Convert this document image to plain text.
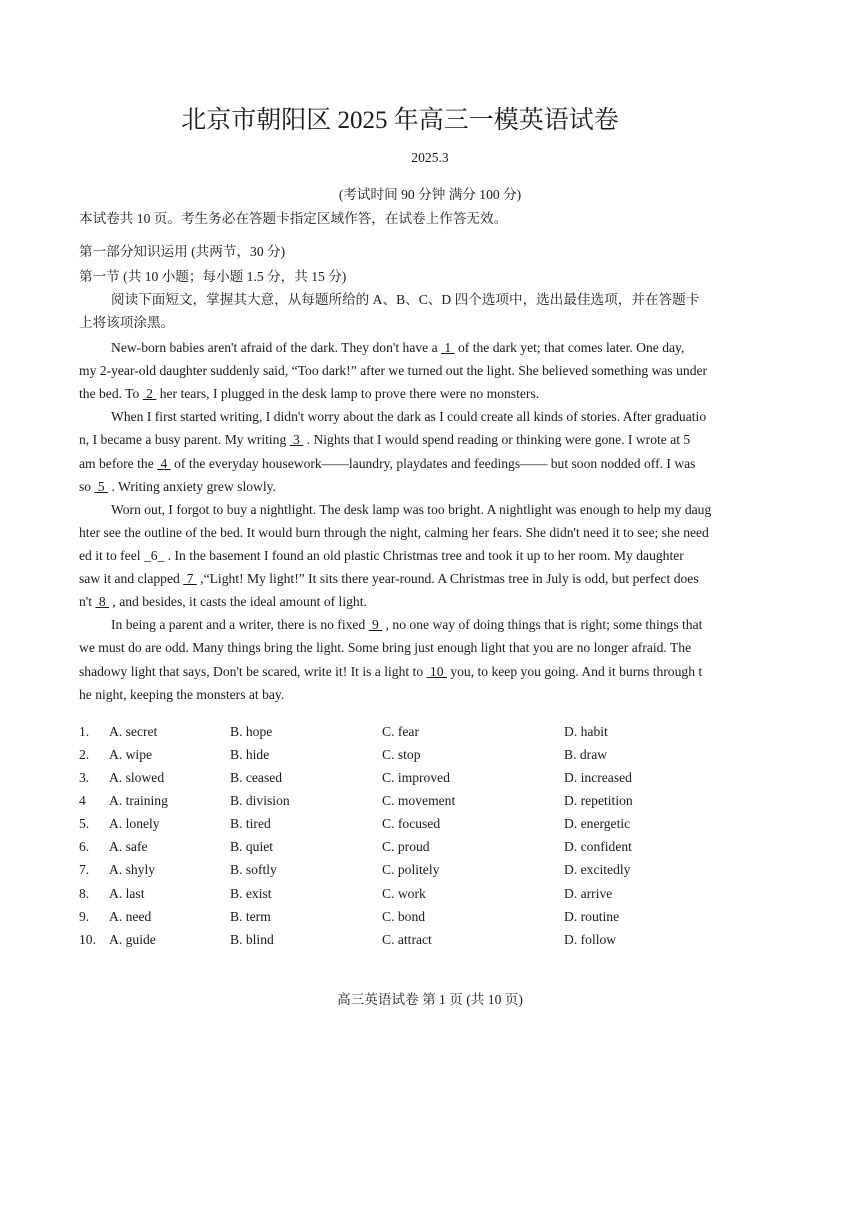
北京市朝阳区 2025 年高三一模英语试卷
2025.3
(考试时间 90 分钟 满分 100 分)
本试卷共 10 页。考生务必在答题卡指定区域作答，在试卷上作答无效。
第一部分知识运用 (共两节，30 分)
第一节 (共 10 小题；每小题 1.5 分，共 15 分)
阅读下面短文，掌握其大意，从每题所给的 A、B、C、D 四个选项中，选出最佳选项，并在答题卡
上将该项涂黑。
New-born babies aren't afraid of the dark. They don't have a  1  of the dark yet; that comes later. One day,
my 2-year-old daughter suddenly said, “Too dark!” after we turned out the light. She believed something was under
the bed. To  2  her tears, I plugged in the desk lamp to prove there were no monsters.
When I first started writing, I didn't worry about the dark as I could create all kinds of stories. After graduatio
n, I became a busy parent. My writing  3  . Nights that I would spend reading or thinking were gone. I wrote at 5
am before the  4  of the everyday housework——laundry, playdates and feedings—— but soon nodded off. I was
so  5  . Writing anxiety grew slowly.
Worn out, I forgot to buy a nightlight. The desk lamp was too bright. A nightlight was enough to help my daug
hter see the outline of the bed. It would burn through the night, calming her fears. She didn't need it to see; she need
ed it to feel _6_ . In the basement I found an old plastic Christmas tree and took it up to her room. My daughter
saw it and clapped  7  ,“Light! My light!” It sits there year-round. A Christmas tree in July is odd, but perfect does
n't  8  , and besides, it casts the ideal amount of light.
In being a parent and a writer, there is no fixed  9  , no one way of doing things that is right; some things that
we must do are odd. Many things bring the light. Some bring just enough light that you are no longer afraid. The
shadowy light that says, Don't be scared, write it! It is a light to  10  you, to keep you going. And it burns through t
he night, keeping the monsters at bay.
1. A. secret	B. hope	C. fear	D. habit
2. A. wipe	B. hide	C. stop	B. draw
3. A. slowed	B. ceased	C. improved	D. increased
4 A. training	B. division	C. movement	D. repetition
5. A. lonely	B. tired	C. focused	D. energetic
6. A. safe	B. quiet	C. proud	D. confident
7. A. shyly	B. softly	C. politely	D. excitedly
8. A. last	B. exist	C. work	D. arrive
9. A. need	B. term	C. bond	D. routine
10. A. guide	B. blind	C. attract	D. follow
高三英语试卷 第 1 页 (共 10 页)
